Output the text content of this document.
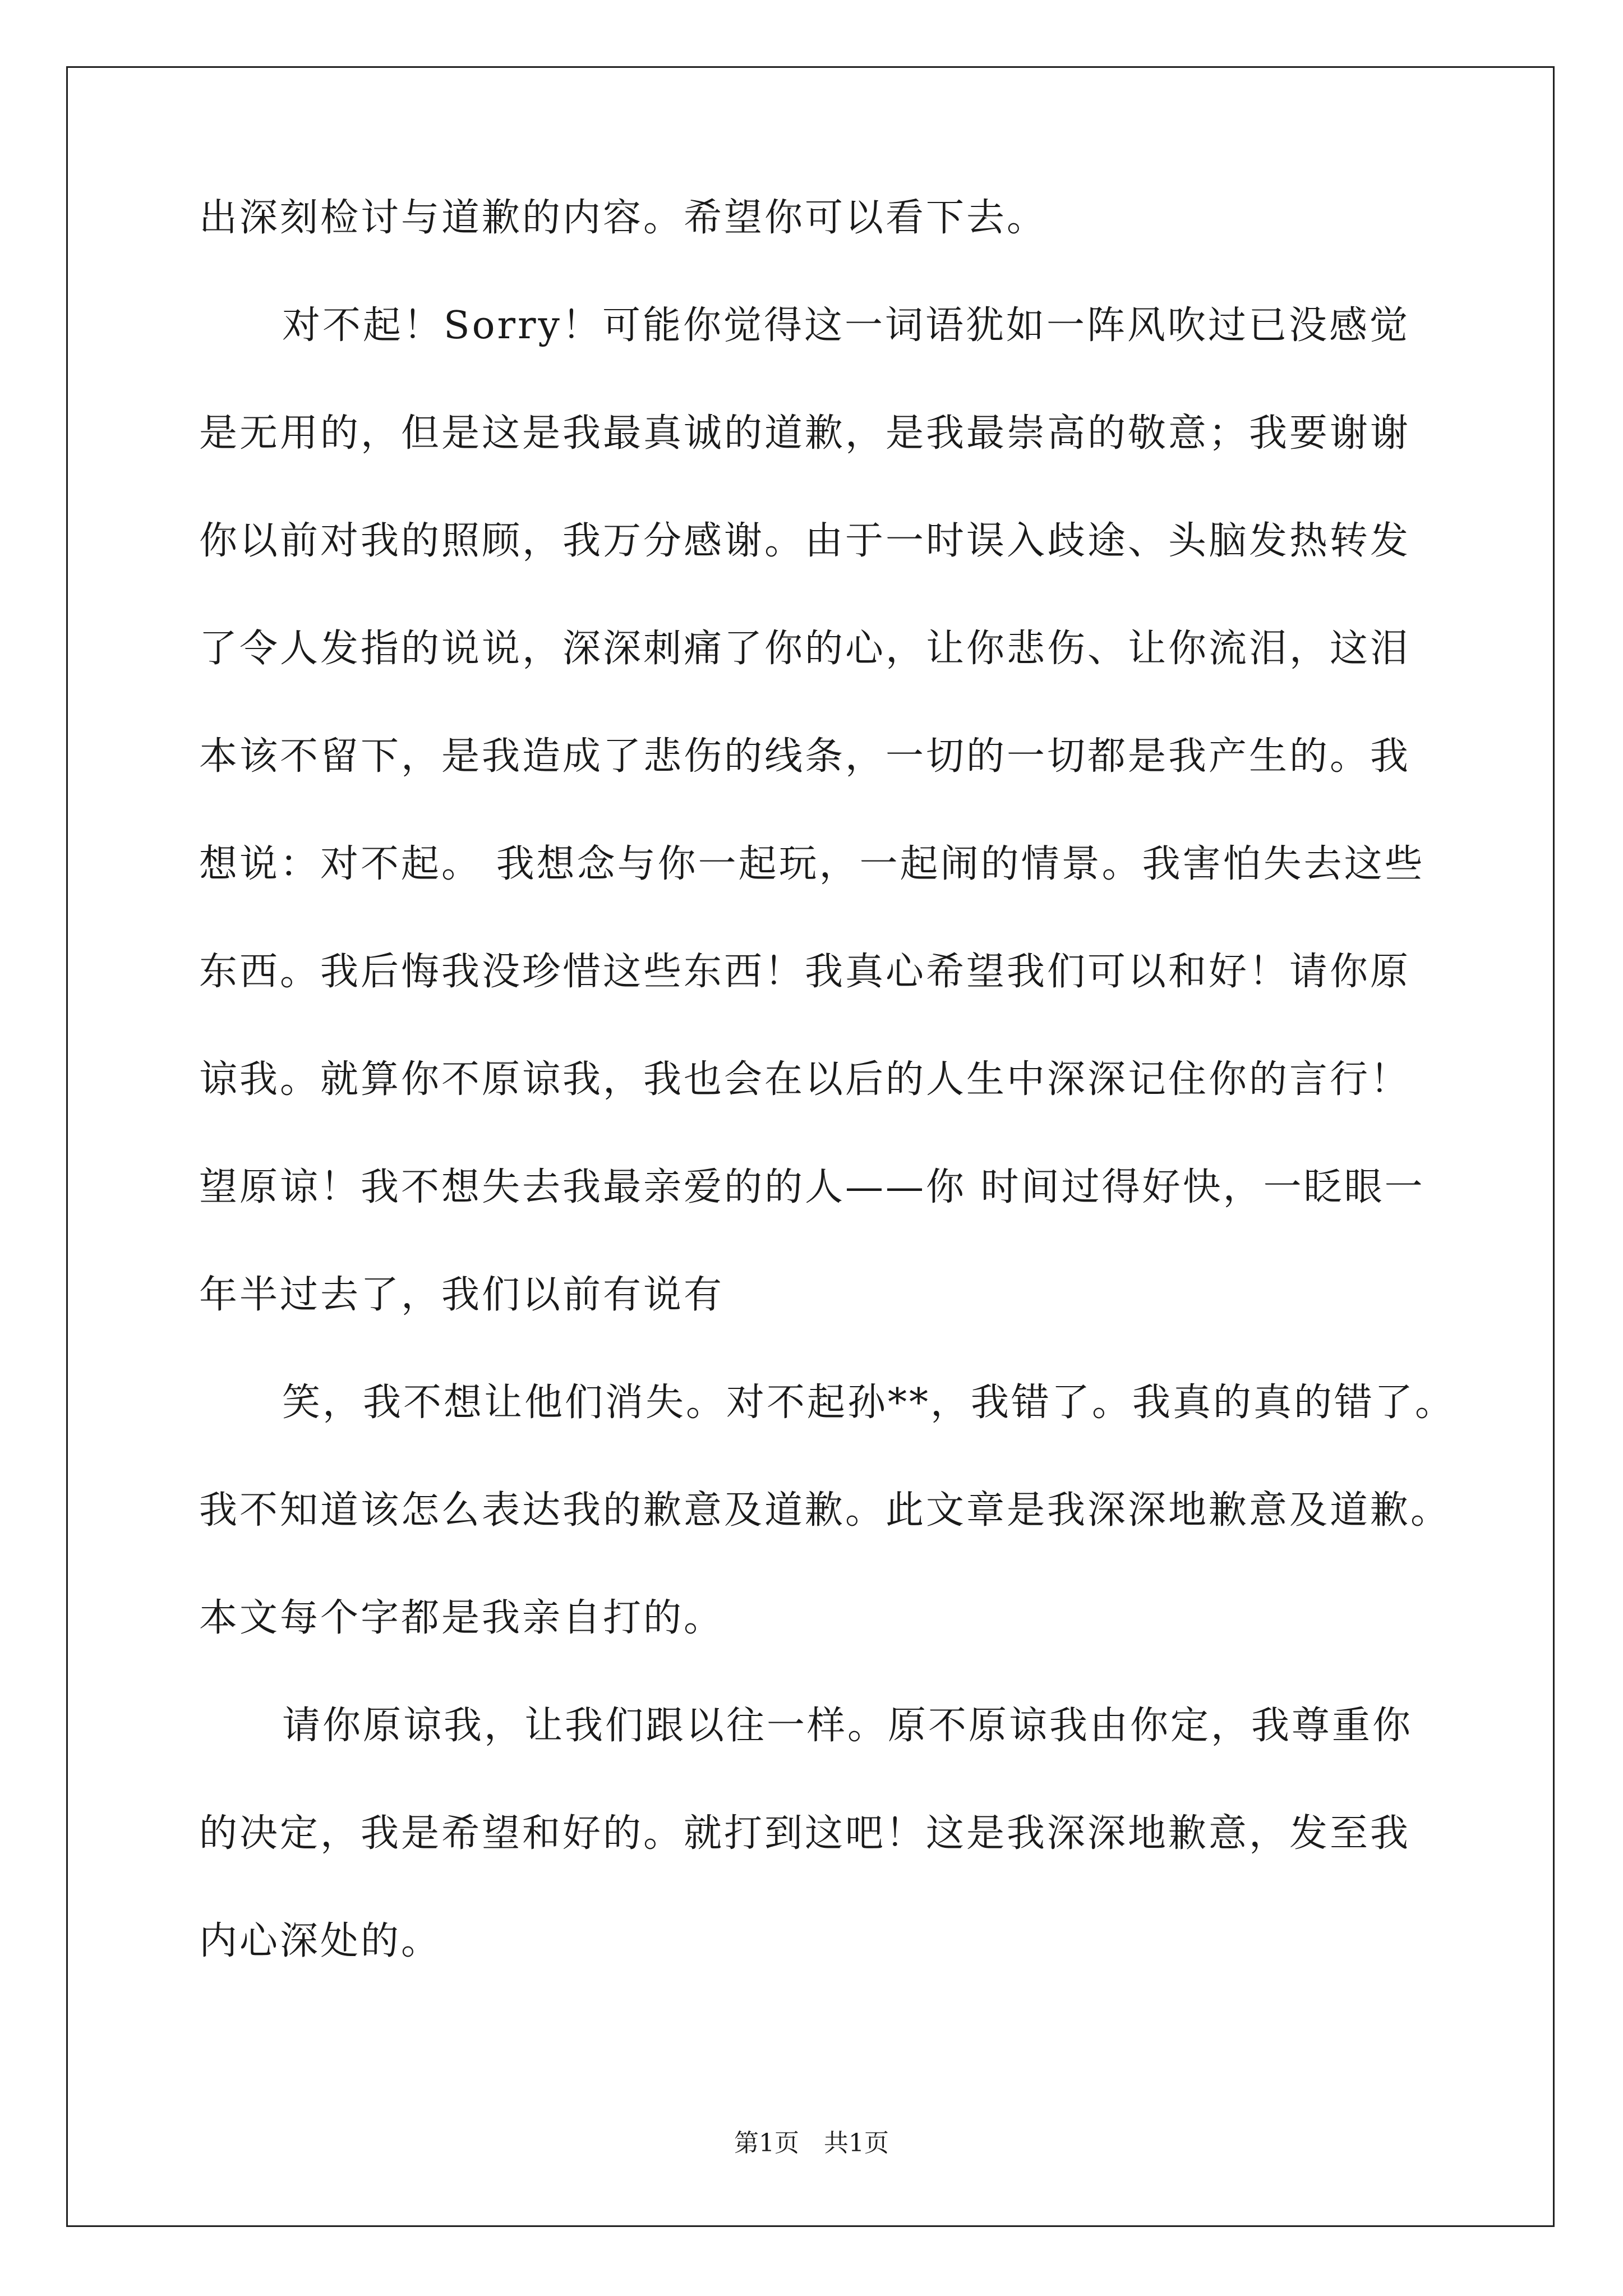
出深刻检讨与道歉的内容。希望你可以看下去。
对不起！Sorry！可能你觉得这一词语犹如一阵风吹过已没感觉
是无用的，但是这是我最真诚的道歉，是我最崇高的敬意；我要谢谢
你以前对我的照顾，我万分感谢。由于一时误入歧途、头脑发热转发
了令人发指的说说，深深刺痛了你的心，让你悲伤、让你流泪，这泪
本该不留下，是我造成了悲伤的线条，一切的一切都是我产生的。我
想说：对不起。 我想念与你一起玩，一起闹的情景。我害怕失去这些
东西。我后悔我没珍惜这些东西！我真心希望我们可以和好！请你原
谅我。就算你不原谅我，我也会在以后的人生中深深记住你的言行！
望原谅！我不想失去我最亲爱的的人——你 时间过得好快，一眨眼一
年半过去了，我们以前有说有
笑，我不想让他们消失。对不起孙**，我错了。我真的真的错了。
我不知道该怎么表达我的歉意及道歉。此文章是我深深地歉意及道歉。
本文每个字都是我亲自打的。
请你原谅我，让我们跟以往一样。原不原谅我由你定，我尊重你
的决定，我是希望和好的。就打到这吧！这是我深深地歉意，发至我
内心深处的。
第1页　共1页
